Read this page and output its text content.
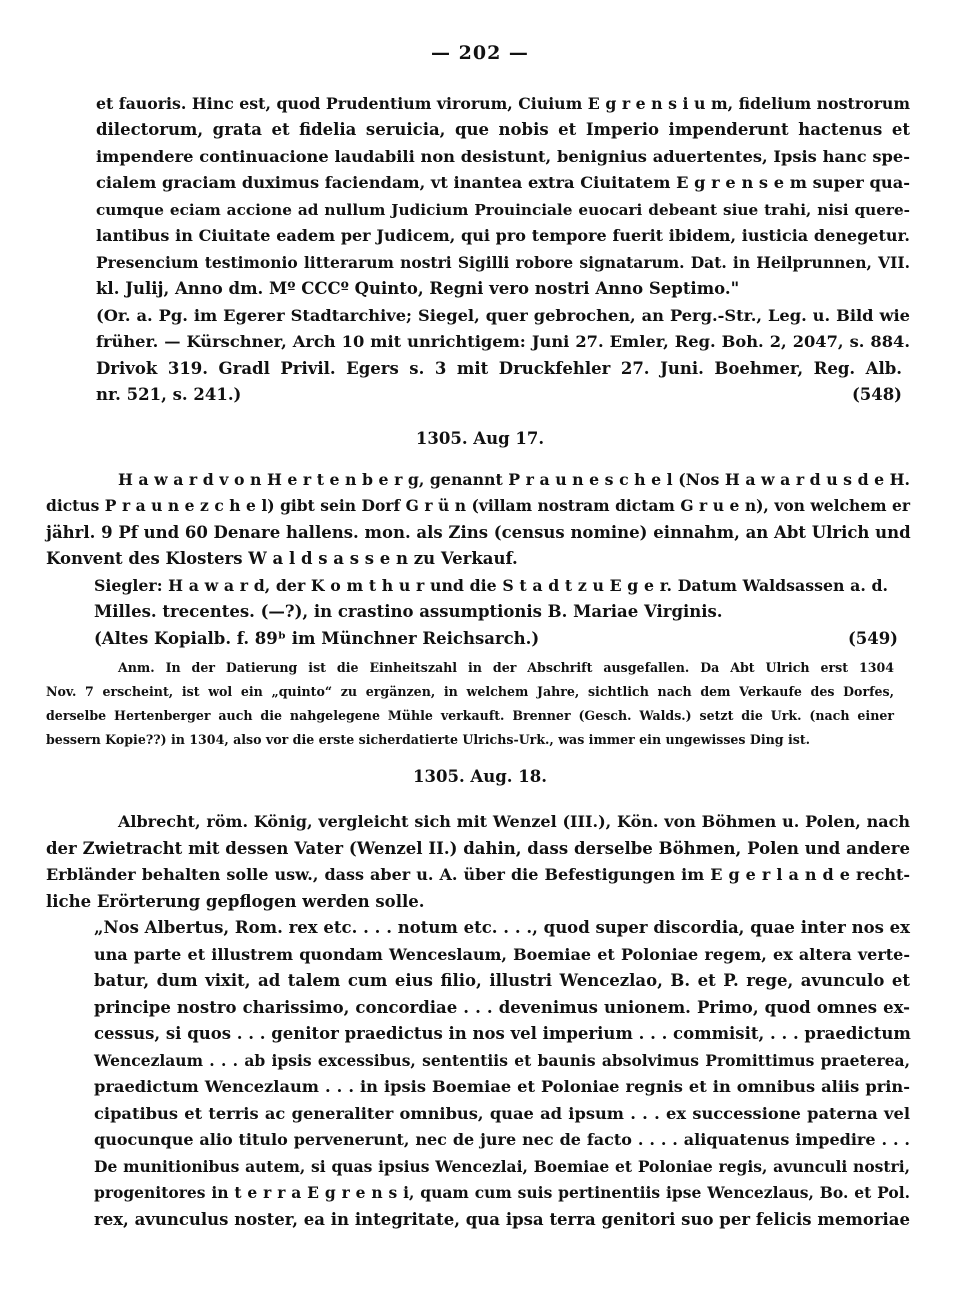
— 202 —
et fauoris. Hinc est, quod Prudentium virorum, Ciuium E g r e n s i u m, fidelium nostrorum
dilectorum, grata et fidelia seruicia, que nobis et Imperio impenderunt hactenus et
impendere continuacione laudabili non desistunt, benignius aduertentes, Ipsis hanc spe-
cialem graciam duximus faciendam, vt inantea extra Ciuitatem E g r e n s e m super qua-
cumque eciam accione ad nullum Judicium Prouinciale euocari debeant siue trahi, nisi quere-
lantibus in Ciuitate eadem per Judicem, qui pro tempore fuerit ibidem, iusticia denegetur.
Presencium testimonio litterarum nostri Sigilli robore signatarum. Dat. in Heilprunnen, VII.
kl. Julij, Anno dm. Mº CCCº Quinto, Regni vero nostri Anno Septimo."
(Or. a. Pg. im Egerer Stadtarchive; Siegel, quer gebrochen, an Perg.-Str., Leg. u. Bild wie
früher. — Kürschner, Arch 10 mit unrichtigem: Juni 27. Emler, Reg. Boh. 2, 2047, s. 884.
Drivok 319. Gradl Privil. Egers s. 3 mit Druckfehler 27. Juni. Boehmer, Reg. Alb.
nr. 521, s. 241.)	(548)
1305. Aug 17.
H a w a r d v o n H e r t e n b e r g, genannt P r a u n e s c h e l (Nos H a w a r d u s d e H.
dictus P r a u n e z c h e l) gibt sein Dorf G r ü n (villam nostram dictam G r u e n), von welchem er
jährl. 9 Pf und 60 Denare hallens. mon. als Zins (census nomine) einnahm, an Abt Ulrich und
Konvent des Klosters W a l d s a s s e n zu Verkauf.
Siegler: H a w a r d, der K o m t h u r und die S t a d t z u E g e r. Datum Waldsassen a. d.
Milles. trecentes. (—?), in crastino assumptionis B. Mariae Virginis.
(Altes Kopialb. f. 89ᵇ im Münchner Reichsarch.)	(549)
Anm. In der Datierung ist die Einheitszahl in der Abschrift ausgefallen. Da Abt Ulrich erst 1304
Nov. 7 erscheint, ist wol ein „quinto“ zu ergänzen, in welchem Jahre, sichtlich nach dem Verkaufe des Dorfes,
derselbe Hertenberger auch die nahgelegene Mühle verkauft. Brenner (Gesch. Walds.) setzt die Urk. (nach einer
bessern Kopie??) in 1304, also vor die erste sicherdatierte Ulrichs-Urk., was immer ein ungewisses Ding ist.
1305. Aug. 18.
Albrecht, röm. König, vergleicht sich mit Wenzel (III.), Kön. von Böhmen u. Polen, nach
der Zwietracht mit dessen Vater (Wenzel II.) dahin, dass derselbe Böhmen, Polen und andere
Erbländer behalten solle usw., dass aber u. A. über die Befestigungen im E g e r l a n d e recht-
liche Erörterung gepflogen werden solle.
„Nos Albertus, Rom. rex etc. . . . notum etc. . . ., quod super discordia, quae inter nos ex
una parte et illustrem quondam Wenceslaum, Boemiae et Poloniae regem, ex altera verte-
batur, dum vixit, ad talem cum eius filio, illustri Wencezlao, B. et P. rege, avunculo et
principe nostro charissimo, concordiae . . . devenimus unionem. Primo, quod omnes ex-
cessus, si quos . . . genitor praedictus in nos vel imperium . . . commisit, . . . praedictum
Wencezlaum . . . ab ipsis excessibus, sententiis et baunis absolvimus Promittimus praeterea,
praedictum Wencezlaum . . . in ipsis Boemiae et Poloniae regnis et in omnibus aliis prin-
cipatibus et terris ac generaliter omnibus, quae ad ipsum . . . ex successione paterna vel
quocunque alio titulo pervenerunt, nec de jure nec de facto . . . . aliquatenus impedire . . .
De munitionibus autem, si quas ipsius Wencezlai, Boemiae et Poloniae regis, avunculi nostri,
progenitores in t e r r a E g r e n s i, quam cum suis pertinentiis ipse Wencezlaus, Bo. et Pol.
rex, avunculus noster, ea in integritate, qua ipsa terra genitori suo per felicis memoriae
